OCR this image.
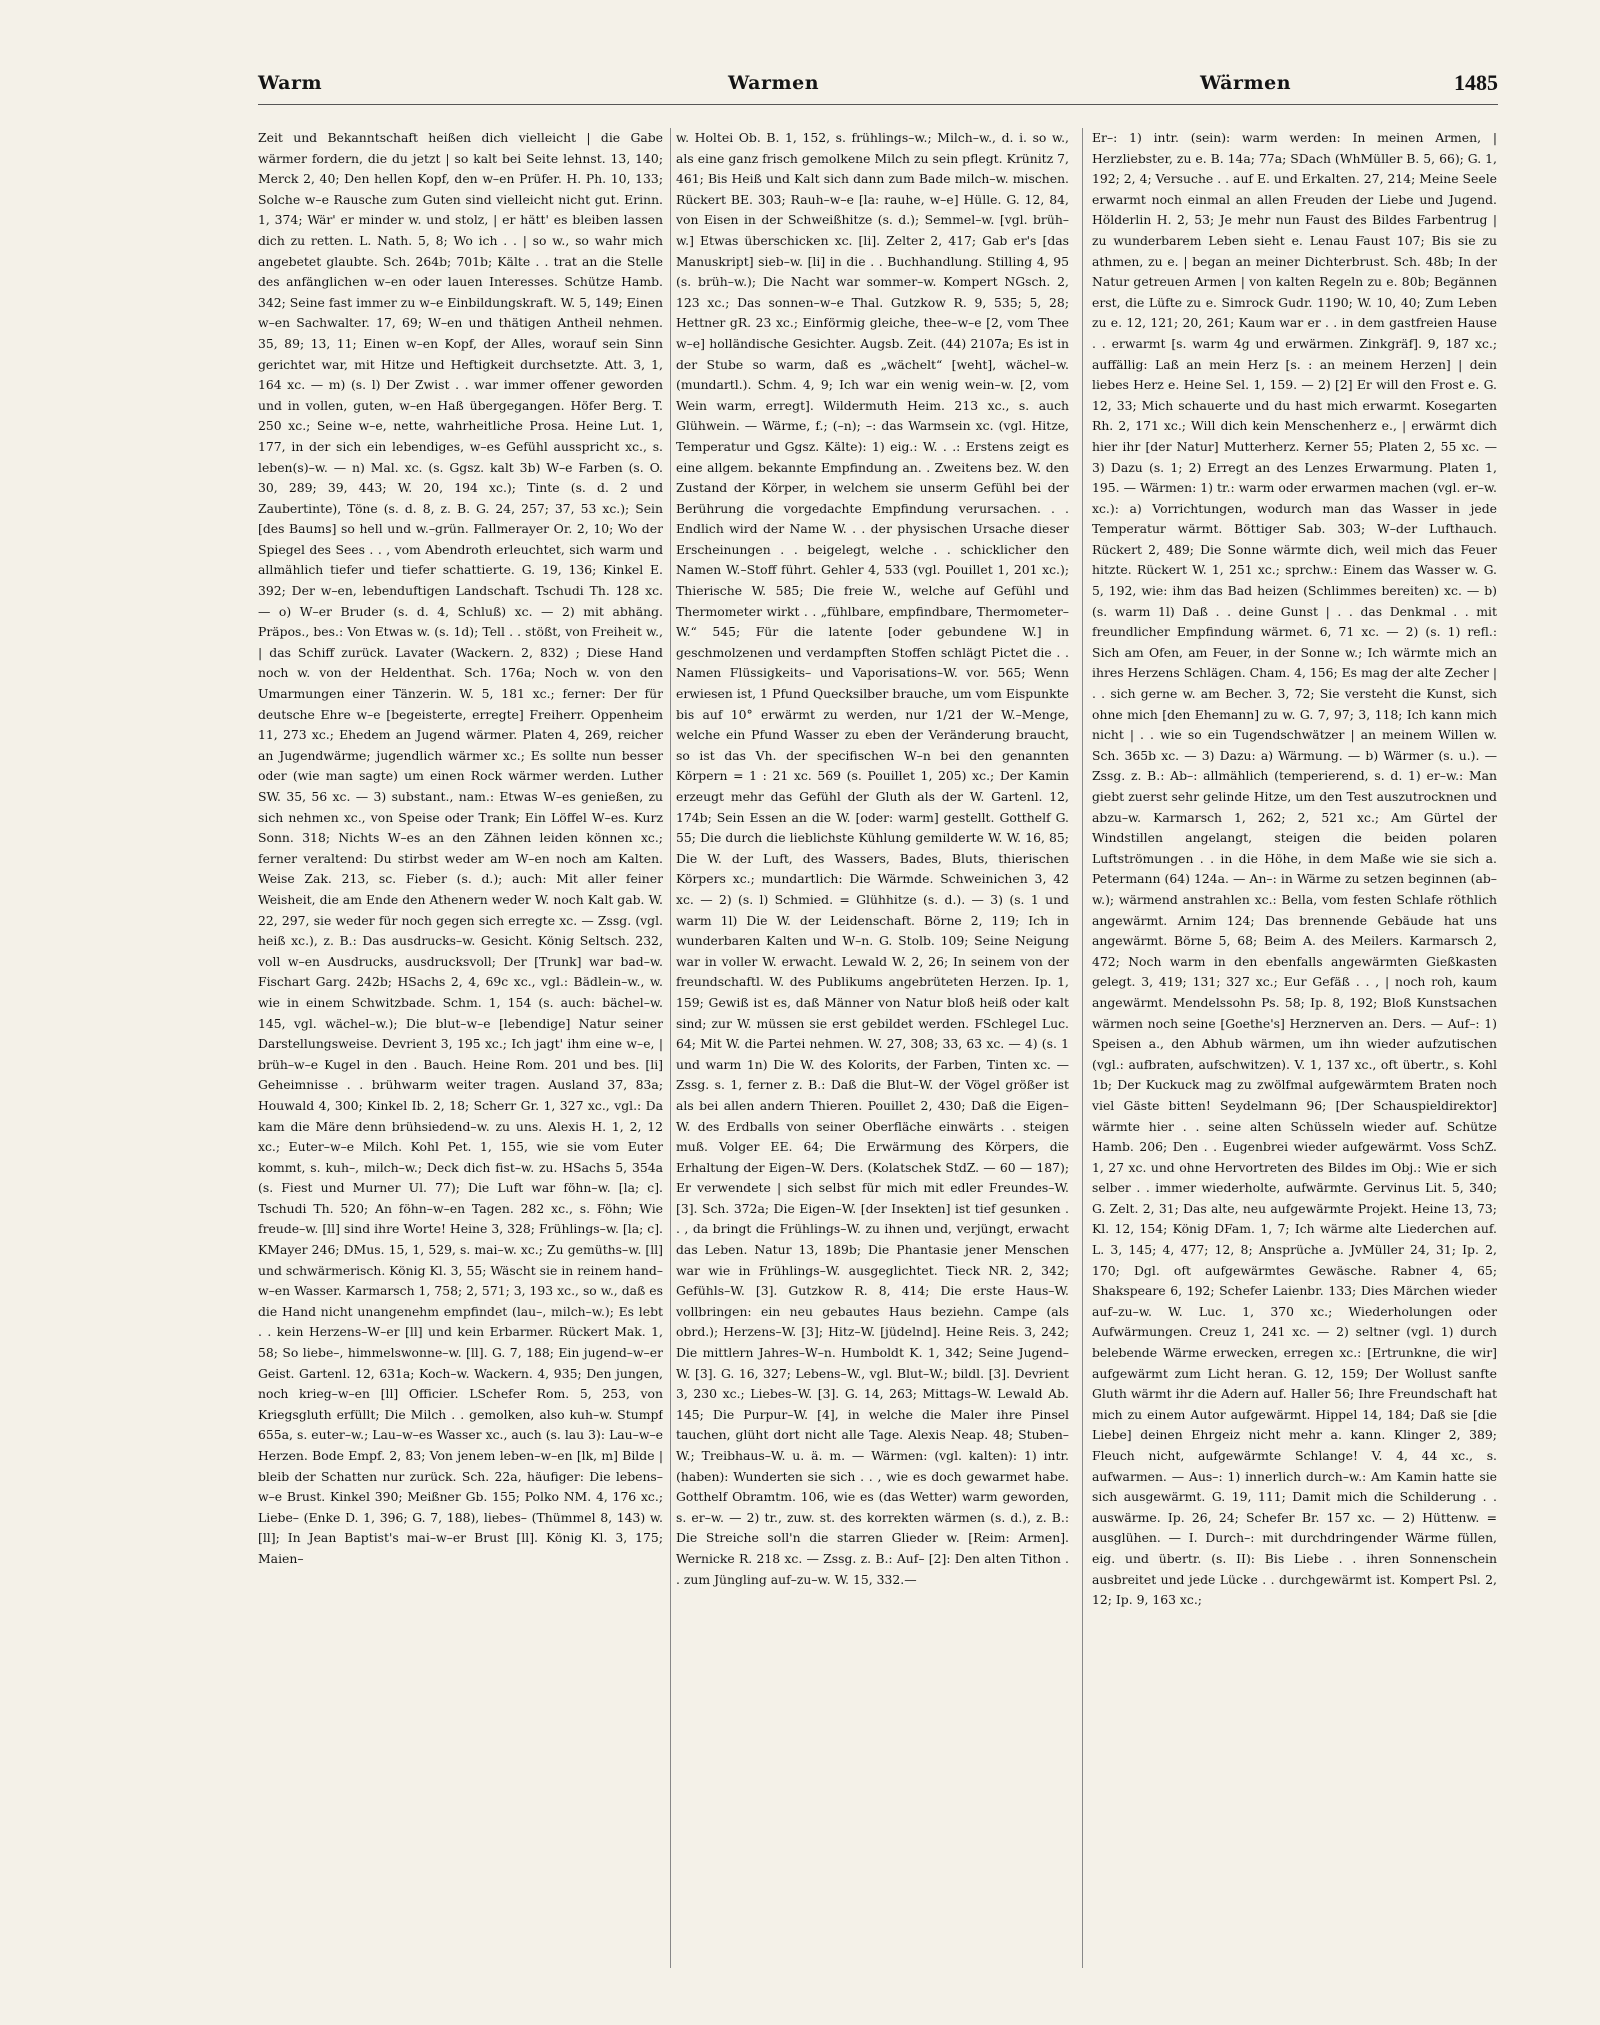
Warm	Warmen	Wärmen	1485

Zeit und Bekanntschaft heißen dich vielleicht | die Gabe wärmer fordern, die du jetzt | so kalt bei Seite lehnst. 13, 140; Merck 2, 40; Den hellen Kopf, den w–en Prüfer. H. Ph. 10, 133; Solche w–e Rausche zum Guten sind vielleicht nicht gut. Erinn. 1, 374; Wär' er minder w. und stolz, | er hätt' es bleiben lassen dich zu retten. L. Nath. 5, 8; Wo ich . . | so w., so wahr mich angebetet glaubte. Sch. 264b; 701b; Kälte . . trat an die Stelle des anfänglichen w–en oder lauen Interesses. Schütze Hamb. 342; Seine fast immer zu w–e Einbildungskraft. W. 5, 149; Einen w–en Sachwalter. 17, 69; W–en und thätigen Antheil nehmen. 35, 89; 13, 11; Einen w–en Kopf, der Alles, worauf sein Sinn gerichtet war, mit Hitze und Heftigkeit durchsetzte. Att. 3, 1, 164 xc. — m) (s. l) Der Zwist . . war immer offener geworden und in vollen, guten, w–en Haß übergegangen. Höfer Berg. T. 250 xc.; Seine w–e, nette, wahrheitliche Prosa. Heine Lut. 1, 177, in der sich ein lebendiges, w–es Gefühl ausspricht xc., s. leben(s)–w. — n) Mal. xc. (s. Ggsz. kalt 3b) W–e Farben (s. O. 30, 289; 39, 443; W. 20, 194 xc.); Tinte (s. d. 2 und Zaubertinte), Töne (s. d. 8, z. B. G. 24, 257; 37, 53 xc.); Sein [des Baums] so hell und w.–grün. Fallmerayer Or. 2, 10; Wo der Spiegel des Sees . . , vom Abendroth erleuchtet, sich warm und allmählich tiefer und tiefer schattierte. G. 19, 136; Kinkel E. 392; Der w–en, lebenduftigen Landschaft. Tschudi Th. 128 xc. — o) W–er Bruder (s. d. 4, Schluß) xc. — 2) mit abhäng. Präpos., bes.: Von Etwas w. (s. 1d); Tell . . stößt, von Freiheit w., | das Schiff zurück. Lavater (Wackern. 2, 832) ; Diese Hand noch w. von der Heldenthat. Sch. 176a; Noch w. von den Umarmungen einer Tänzerin. W. 5, 181 xc.; ferner: Der für deutsche Ehre w–e [begeisterte, erregte] Freiherr. Oppenheim 11, 273 xc.; Ehedem an Jugend wärmer. Platen 4, 269, reicher an Jugendwärme; jugendlich wärmer xc.; Es sollte nun besser oder (wie man sagte) um einen Rock wärmer werden. Luther SW. 35, 56 xc. — 3) substant., nam.: Etwas W–es genießen, zu sich nehmen xc., von Speise oder Trank; Ein Löffel W–es. Kurz Sonn. 318; Nichts W–es an den Zähnen leiden können xc.; ferner veraltend: Du stirbst weder am W–en noch am Kalten. Weise Zak. 213, sc. Fieber (s. d.); auch: Mit aller feiner Weisheit, die am Ende den Athenern weder W. noch Kalt gab. W. 22, 297, sie weder für noch gegen sich erregte xc. — Zssg. (vgl. heiß xc.), z. B.: Das ausdrucks–w. Gesicht. König Seltsch. 232, voll w–en Ausdrucks, ausdrucksvoll; Der [Trunk] war bad–w. Fischart Garg. 242b; HSachs 2, 4, 69c xc., vgl.: Bädlein–w., w. wie in einem Schwitzbade. Schm. 1, 154 (s. auch: bächel–w. 145, vgl. wächel–w.); Die blut–w–e [lebendige] Natur seiner Darstellungsweise. Devrient 3, 195 xc.; Ich jagt' ihm eine w–e, | brüh–w–e Kugel in den . Bauch. Heine Rom. 201 und bes. [li] Geheimnisse . . brühwarm weiter tragen. Ausland 37, 83a; Houwald 4, 300; Kinkel Ib. 2, 18; Scherr Gr. 1, 327 xc., vgl.: Da kam die Märe denn brühsiedend–w. zu uns. Alexis H. 1, 2, 12 xc.; Euter–w–e Milch. Kohl Pet. 1, 155, wie sie vom Euter kommt, s. kuh–, milch–w.; Deck dich fist–w. zu. HSachs 5, 354a (s. Fiest und Murner Ul. 77); Die Luft war föhn–w. [la; c]. Tschudi Th. 520; An föhn–w–en Tagen. 282 xc., s. Föhn; Wie freude–w. [ll] sind ihre Worte! Heine 3, 328; Frühlings–w. [la; c]. KMayer 246; DMus. 15, 1, 529, s. mai–w. xc.; Zu gemüths–w. [ll] und schwärmerisch. König Kl. 3, 55; Wäscht sie in reinem hand–w–en Wasser. Karmarsch 1, 758; 2, 571; 3, 193 xc., so w., daß es die Hand nicht unangenehm empfindet (lau–, milch–w.); Es lebt . . kein Herzens–W–er [ll] und kein Erbarmer. Rückert Mak. 1, 58; So liebe–, himmelswonne–w. [ll]. G. 7, 188; Ein jugend–w–er Geist. Gartenl. 12, 631a; Koch–w. Wackern. 4, 935; Den jungen, noch krieg–w–en [ll] Officier. LSchefer Rom. 5, 253, von Kriegsgluth erfüllt; Die Milch . . gemolken, also kuh–w. Stumpf 655a, s. euter–w.; Lau–w–es Wasser xc., auch (s. lau 3): Lau–w–e Herzen. Bode Empf. 2, 83; Von jenem leben–w–en [lk, m] Bilde | bleib der Schatten nur zurück. Sch. 22a, häufiger: Die lebens–w–e Brust. Kinkel 390; Meißner Gb. 155; Polko NM. 4, 176 xc.; Liebe– (Enke D. 1, 396; G. 7, 188), liebes– (Thümmel 8, 143) w. [ll]; In Jean Baptist's mai–w–er Brust [ll]. König Kl. 3, 175; Maien–

w. Holtei Ob. B. 1, 152, s. frühlings–w.; Milch–w., d. i. so w., als eine ganz frisch gemolkene Milch zu sein pflegt. Krünitz 7, 461; Bis Heiß und Kalt sich dann zum Bade milch–w. mischen. Rückert BE. 303; Rauh–w–e [la: rauhe, w–e] Hülle. G. 12, 84, von Eisen in der Schweißhitze (s. d.); Semmel–w. [vgl. brüh–w.] Etwas überschicken xc. [li]. Zelter 2, 417; Gab er's [das Manuskript] sieb–w. [li] in die . . Buchhandlung. Stilling 4, 95 (s. brüh–w.); Die Nacht war sommer–w. Kompert NGsch. 2, 123 xc.; Das sonnen–w–e Thal. Gutzkow R. 9, 535; 5, 28; Hettner gR. 23 xc.; Einförmig gleiche, thee–w–e [2, vom Thee w–e] holländische Gesichter. Augsb. Zeit. (44) 2107a; Es ist in der Stube so warm, daß es „wächelt“ [weht], wächel–w. (mundartl.). Schm. 4, 9; Ich war ein wenig wein–w. [2, vom Wein warm, erregt]. Wildermuth Heim. 213 xc., s. auch Glühwein. — Wärme, f.; (–n); –: das Warmsein xc. (vgl. Hitze, Temperatur und Ggsz. Kälte): 1) eig.: W. . .: Erstens zeigt es eine allgem. bekannte Empfindung an. . Zweitens bez. W. den Zustand der Körper, in welchem sie unserm Gefühl bei der Berührung die vorgedachte Empfindung verursachen. . . Endlich wird der Name W. . . der physischen Ursache dieser Erscheinungen . . beigelegt, welche . . schicklicher den Namen W.–Stoff führt. Gehler 4, 533 (vgl. Pouillet 1, 201 xc.); Thierische W. 585; Die freie W., welche auf Gefühl und Thermometer wirkt . . „fühlbare, empfindbare, Thermometer–W.“ 545; Für die latente [oder gebundene W.] in geschmolzenen und verdampften Stoffen schlägt Pictet die . . Namen Flüssigkeits– und Vaporisations–W. vor. 565; Wenn erwiesen ist, 1 Pfund Quecksilber brauche, um vom Eispunkte bis auf 10° erwärmt zu werden, nur 1/21 der W.–Menge, welche ein Pfund Wasser zu eben der Veränderung braucht, so ist das Vh. der specifischen W–n bei den genannten Körpern = 1 : 21 xc. 569 (s. Pouillet 1, 205) xc.; Der Kamin erzeugt mehr das Gefühl der Gluth als der W. Gartenl. 12, 174b; Sein Essen an die W. [oder: warm] gestellt. Gotthelf G. 55; Die durch die lieblichste Kühlung gemilderte W. W. 16, 85; Die W. der Luft, des Wassers, Bades, Bluts, thierischen Körpers xc.; mundartlich: Die Wärmde. Schweinichen 3, 42 xc. — 2) (s. l) Schmied. = Glühhitze (s. d.). — 3) (s. 1 und warm 1l) Die W. der Leidenschaft. Börne 2, 119; Ich in wunderbaren Kalten und W–n. G. Stolb. 109; Seine Neigung war in voller W. erwacht. Lewald W. 2, 26; In seinem von der freundschaftl. W. des Publikums angebrüteten Herzen. Ip. 1, 159; Gewiß ist es, daß Männer von Natur bloß heiß oder kalt sind; zur W. müssen sie erst gebildet werden. FSchlegel Luc. 64; Mit W. die Partei nehmen. W. 27, 308; 33, 63 xc. — 4) (s. 1 und warm 1n) Die W. des Kolorits, der Farben, Tinten xc. — Zssg. s. 1, ferner z. B.: Daß die Blut–W. der Vögel größer ist als bei allen andern Thieren. Pouillet 2, 430; Daß die Eigen–W. des Erdballs von seiner Oberfläche einwärts . . steigen muß. Volger EE. 64; Die Erwärmung des Körpers, die Erhaltung der Eigen–W. Ders. (Kolatschek StdZ. — 60 — 187); Er verwendete | sich selbst für mich mit edler Freundes–W. [3]. Sch. 372a; Die Eigen–W. [der Insekten] ist tief gesunken . . , da bringt die Frühlings–W. zu ihnen und, verjüngt, erwacht das Leben. Natur 13, 189b; Die Phantasie jener Menschen war wie in Frühlings–W. ausgeglichtet. Tieck NR. 2, 342; Gefühls–W. [3]. Gutzkow R. 8, 414; Die erste Haus–W. vollbringen: ein neu gebautes Haus beziehn. Campe (als obrd.); Herzens–W. [3]; Hitz–W. [jüdelnd]. Heine Reis. 3, 242; Die mittlern Jahres–W–n. Humboldt K. 1, 342; Seine Jugend–W. [3]. G. 16, 327; Lebens–W., vgl. Blut–W.; bildl. [3]. Devrient 3, 230 xc.; Liebes–W. [3]. G. 14, 263; Mittags–W. Lewald Ab. 145; Die Purpur–W. [4], in welche die Maler ihre Pinsel tauchen, glüht dort nicht alle Tage. Alexis Neap. 48; Stuben–W.; Treibhaus–W. u. ä. m. — Wärmen: (vgl. kalten): 1) intr. (haben): Wunderten sie sich . . , wie es doch gewarmet habe. Gotthelf Obramtm. 106, wie es (das Wetter) warm geworden, s. er–w. — 2) tr., zuw. st. des korrekten wärmen (s. d.), z. B.: Die Streiche soll'n die starren Glieder w. [Reim: Armen]. Wernicke R. 218 xc. — Zssg. z. B.: Auf– [2]: Den alten Tithon . . zum Jüngling auf–zu–w. W. 15, 332.—

Er–: 1) intr. (sein): warm werden: In meinen Armen, | Herzliebster, zu e. B. 14a; 77a; SDach (WhMüller B. 5, 66); G. 1, 192; 2, 4; Versuche . . auf E. und Erkalten. 27, 214; Meine Seele erwarmt noch einmal an allen Freuden der Liebe und Jugend. Hölderlin H. 2, 53; Je mehr nun Faust des Bildes Farbentrug | zu wunderbarem Leben sieht e. Lenau Faust 107; Bis sie zu athmen, zu e. | began an meiner Dichterbrust. Sch. 48b; In der Natur getreuen Armen | von kalten Regeln zu e. 80b; Begännen erst, die Lüfte zu e. Simrock Gudr. 1190; W. 10, 40; Zum Leben zu e. 12, 121; 20, 261; Kaum war er . . in dem gastfreien Hause . . erwarmt [s. warm 4g und erwärmen. Zinkgräf]. 9, 187 xc.; auffällig: Laß an mein Herz [s. : an meinem Herzen] | dein liebes Herz e. Heine Sel. 1, 159. — 2) [2] Er will den Frost e. G. 12, 33; Mich schauerte und du hast mich erwarmt. Kosegarten Rh. 2, 171 xc.; Will dich kein Menschenherz e., | erwärmt dich hier ihr [der Natur] Mutterherz. Kerner 55; Platen 2, 55 xc. — 3) Dazu (s. 1; 2) Erregt an des Lenzes Erwarmung. Platen 1, 195. — Wärmen: 1) tr.: warm oder erwarmen machen (vgl. er–w. xc.): a) Vorrichtungen, wodurch man das Wasser in jede Temperatur wärmt. Böttiger Sab. 303; W–der Lufthauch. Rückert 2, 489; Die Sonne wärmte dich, weil mich das Feuer hitzte. Rückert W. 1, 251 xc.; sprchw.: Einem das Wasser w. G. 5, 192, wie: ihm das Bad heizen (Schlimmes bereiten) xc. — b) (s. warm 1l) Daß . . deine Gunst | . . das Denkmal . . mit freundlicher Empfindung wärmet. 6, 71 xc. — 2) (s. 1) refl.: Sich am Ofen, am Feuer, in der Sonne w.; Ich wärmte mich an ihres Herzens Schlägen. Cham. 4, 156; Es mag der alte Zecher | . . sich gerne w. am Becher. 3, 72; Sie versteht die Kunst, sich ohne mich [den Ehemann] zu w. G. 7, 97; 3, 118; Ich kann mich nicht | . . wie so ein Tugendschwätzer | an meinem Willen w. Sch. 365b xc. — 3) Dazu: a) Wärmung. — b) Wärmer (s. u.). — Zssg. z. B.: Ab–: allmählich (temperierend, s. d. 1) er–w.: Man giebt zuerst sehr gelinde Hitze, um den Test auszutrocknen und abzu–w. Karmarsch 1, 262; 2, 521 xc.; Am Gürtel der Windstillen angelangt, steigen die beiden polaren Luftströmungen . . in die Höhe, in dem Maße wie sie sich a. Petermann (64) 124a. — An–: in Wärme zu setzen beginnen (ab–w.); wärmend anstrahlen xc.: Bella, vom festen Schlafe röthlich angewärmt. Arnim 124; Das brennende Gebäude hat uns angewärmt. Börne 5, 68; Beim A. des Meilers. Karmarsch 2, 472; Noch warm in den ebenfalls angewärmten Gießkasten gelegt. 3, 419; 131; 327 xc.; Eur Gefäß . . , | noch roh, kaum angewärmt. Mendelssohn Ps. 58; Ip. 8, 192; Bloß Kunstsachen wärmen noch seine [Goethe's] Herznerven an. Ders. — Auf–: 1) Speisen a., den Abhub wärmen, um ihn wieder aufzutischen (vgl.: aufbraten, aufschwitzen). V. 1, 137 xc., oft übertr., s. Kohl 1b; Der Kuckuck mag zu zwölfmal aufgewärmtem Braten noch viel Gäste bitten! Seydelmann 96; [Der Schauspieldirektor] wärmte hier . . seine alten Schüsseln wieder auf. Schütze Hamb. 206; Den . . Eugenbrei wieder aufgewärmt. Voss SchZ. 1, 27 xc. und ohne Hervortreten des Bildes im Obj.: Wie er sich selber . . immer wiederholte, aufwärmte. Gervinus Lit. 5, 340; G. Zelt. 2, 31; Das alte, neu aufgewärmte Projekt. Heine 13, 73; Kl. 12, 154; König DFam. 1, 7; Ich wärme alte Liederchen auf. L. 3, 145; 4, 477; 12, 8; Ansprüche a. JvMüller 24, 31; Ip. 2, 170; Dgl. oft aufgewärmtes Gewäsche. Rabner 4, 65; Shakspeare 6, 192; Schefer Laienbr. 133; Dies Märchen wieder auf–zu–w. W. Luc. 1, 370 xc.; Wiederholungen oder Aufwärmungen. Creuz 1, 241 xc. — 2) seltner (vgl. 1) durch belebende Wärme erwecken, erregen xc.: [Ertrunkne, die wir] aufgewärmt zum Licht heran. G. 12, 159; Der Wollust sanfte Gluth wärmt ihr die Adern auf. Haller 56; Ihre Freundschaft hat mich zu einem Autor aufgewärmt. Hippel 14, 184; Daß sie [die Liebe] deinen Ehrgeiz nicht mehr a. kann. Klinger 2, 389; Fleuch nicht, aufgewärmte Schlange! V. 4, 44 xc., s. aufwarmen. — Aus–: 1) innerlich durch–w.: Am Kamin hatte sie sich ausgewärmt. G. 19, 111; Damit mich die Schilderung . . auswärme. Ip. 26, 24; Schefer Br. 157 xc. — 2) Hüttenw. = ausglühen. — I. Durch–: mit durchdringender Wärme füllen, eig. und übertr. (s. II): Bis Liebe . . ihren Sonnenschein ausbreitet und jede Lücke . . durchgewärmt ist. Kompert Psl. 2, 12; Ip. 9, 163 xc.;
